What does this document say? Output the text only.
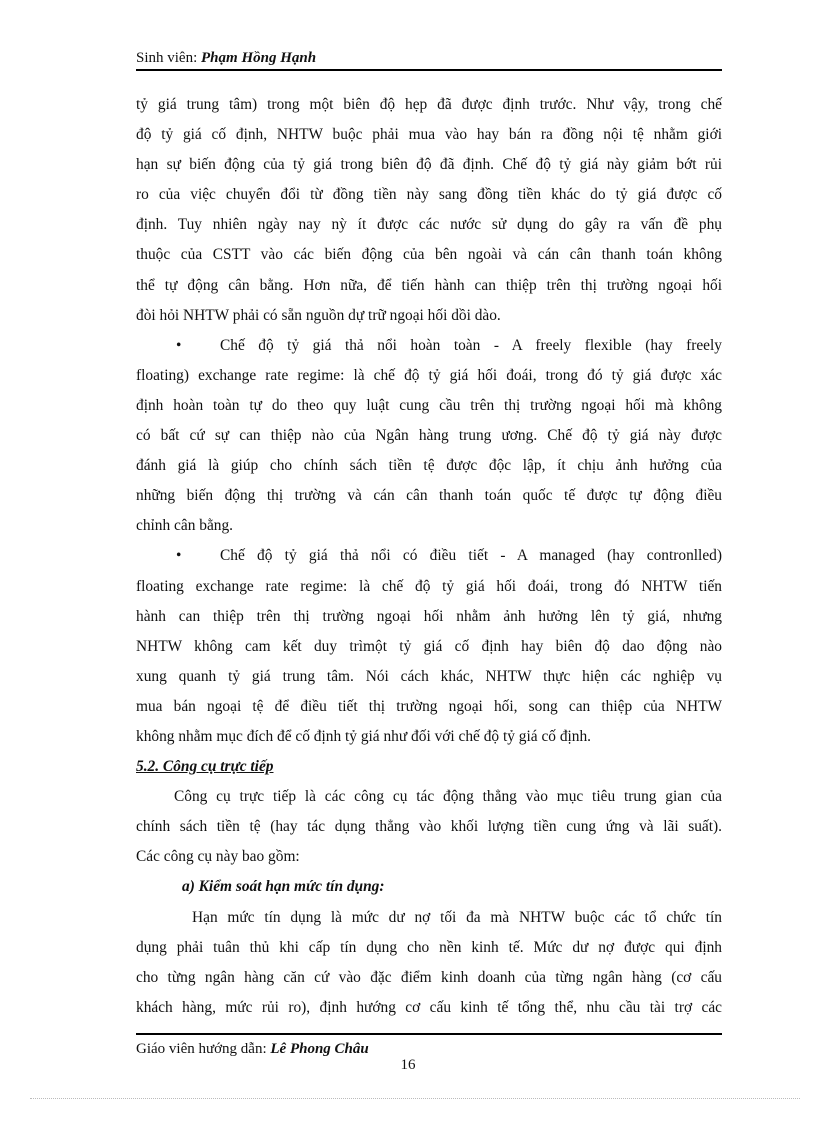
Sinh viên: Phạm Hồng Hạnh
tỷ giá trung tâm) trong một biên độ hẹp đã được định trước. Như vậy, trong chế
độ tỷ giá cố định, NHTW buộc phải mua vào hay bán ra đồng nội tệ nhằm giới
hạn sự biến động của tỷ giá trong biên độ đã định. Chế độ tỷ giá này giảm bớt rủi
ro của việc chuyển đổi từ đồng tiền này sang đồng tiền khác do tỷ giá được cố
định. Tuy nhiên ngày nay nỳ ít được các nước sử dụng do gây ra vấn đề phụ
thuộc của CSTT vào các biến động của bên ngoài và cán cân thanh toán không
thể tự động cân bằng. Hơn nữa, để tiến hành can thiệp trên thị trường ngoại hối
đòi hỏi NHTW phải có sẵn nguồn dự trữ ngoại hối dồi dào.
•	Chế độ tỷ giá thả nổi hoàn toàn - A freely flexible (hay freely
floating) exchange rate regime: là chế độ tỷ giá hối đoái, trong đó tỷ giá được xác
định hoàn toàn tự do theo quy luật cung cầu trên thị trường ngoại hối mà không
có bất cứ sự can thiệp nào của Ngân hàng trung ương. Chế độ tỷ giá này được
đánh giá là giúp cho chính sách tiền tệ được độc lập, ít chịu ảnh hưởng của
những biến động thị trường và cán cân thanh toán quốc tế được tự động điều
chỉnh cân bằng.
•	Chế độ tỷ giá thả nổi có điều tiết - A managed (hay contronlled)
floating exchange rate regime: là chế độ tỷ giá hối đoái, trong đó NHTW tiến
hành can thiệp trên thị trường ngoại hối nhằm ảnh hưởng lên tỷ giá, nhưng
NHTW không cam kết duy trìmột tỷ giá cố định hay biên độ dao động nào
xung quanh tỷ giá trung tâm. Nói cách khác, NHTW thực hiện các nghiệp vụ
mua bán ngoại tệ để điều tiết thị trường ngoại hối, song can thiệp của NHTW
không nhằm mục đích để cố định tỷ giá như đối với chế độ tỷ giá cố định.
5.2. Công cụ trực tiếp
Công cụ trực tiếp là các công cụ tác động thẳng vào mục tiêu trung gian của
chính sách tiền tệ (hay tác dụng thẳng vào khối lượng tiền cung ứng và lãi suất).
Các công cụ này bao gồm:
a) Kiểm soát hạn mức tín dụng:
Hạn mức tín dụng là mức dư nợ tối đa mà NHTW buộc các tổ chức tín
dụng phải tuân thủ khi cấp tín dụng cho nền kinh tế. Mức dư nợ được qui định
cho từng ngân hàng căn cứ vào đặc điểm kinh doanh của từng ngân hàng (cơ cấu
khách hàng, mức rủi ro), định hướng cơ cấu kinh tế tổng thể, nhu cầu tài trợ các
Giáo viên hướng dẫn: Lê Phong Châu
16
